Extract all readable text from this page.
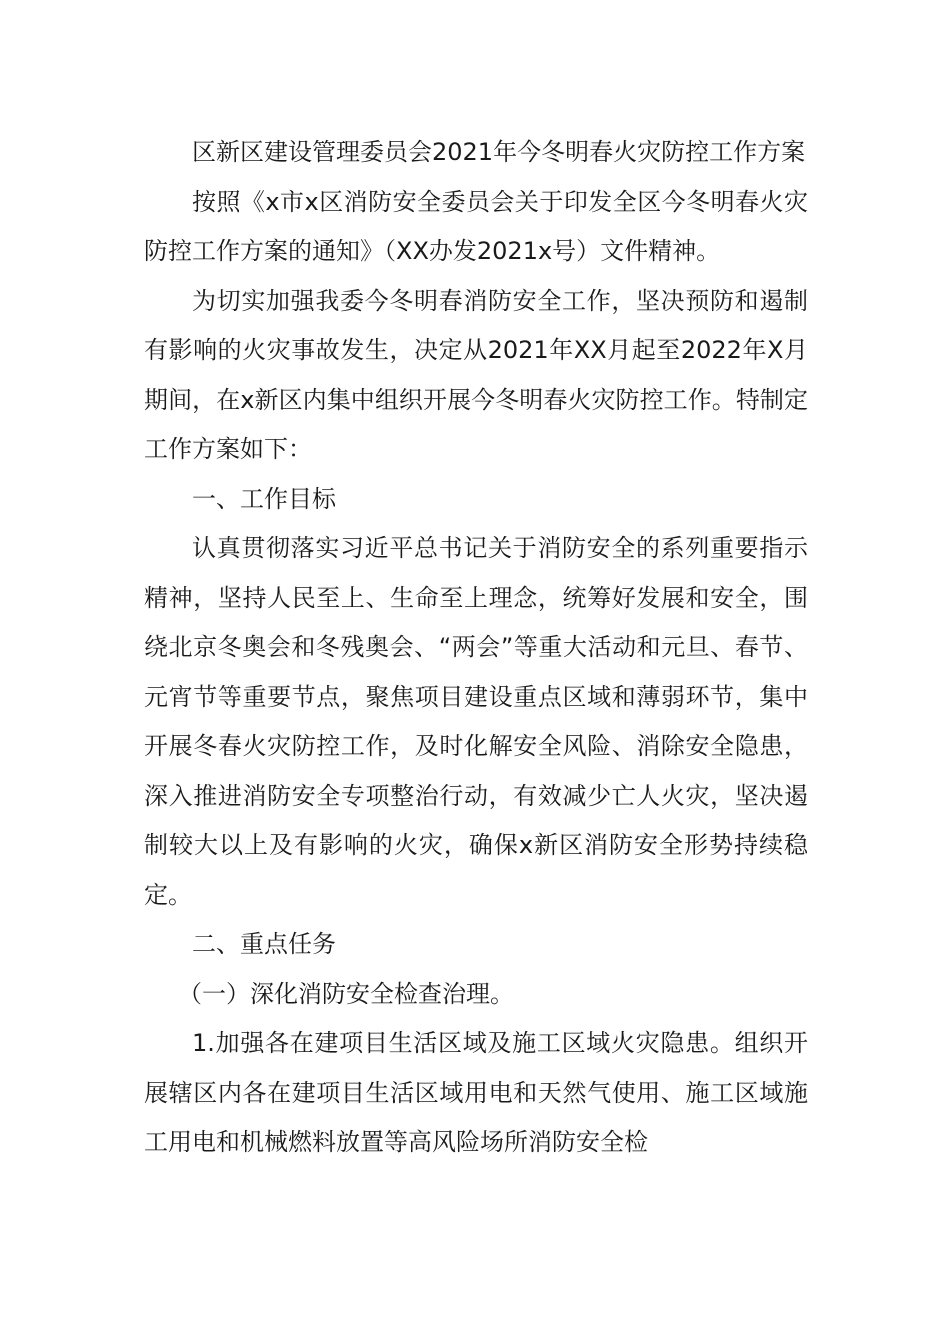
区新区建设管理委员会2021年今冬明春火灾防控工作方案

按照《x市x区消防安全委员会关于印发全区今冬明春火灾防控工作方案的通知》（XX办发2021x号）文件精神。

为切实加强我委今冬明春消防安全工作，坚决预防和遏制有影响的火灾事故发生，决定从2021年XX月起至2022年X月期间，在x新区内集中组织开展今冬明春火灾防控工作。特制定工作方案如下：

一、工作目标

认真贯彻落实习近平总书记关于消防安全的系列重要指示精神，坚持人民至上、生命至上理念，统筹好发展和安全，围绕北京冬奥会和冬残奥会、“两会”等重大活动和元旦、春节、元宵节等重要节点，聚焦项目建设重点区域和薄弱环节，集中开展冬春火灾防控工作，及时化解安全风险、消除安全隐患，深入推进消防安全专项整治行动，有效减少亡人火灾，坚决遏制较大以上及有影响的火灾，确保x新区消防安全形势持续稳定。

二、重点任务

（一）深化消防安全检查治理。

1.加强各在建项目生活区域及施工区域火灾隐患。组织开展辖区内各在建项目生活区域用电和天然气使用、施工区域施工用电和机械燃料放置等高风险场所消防安全检
